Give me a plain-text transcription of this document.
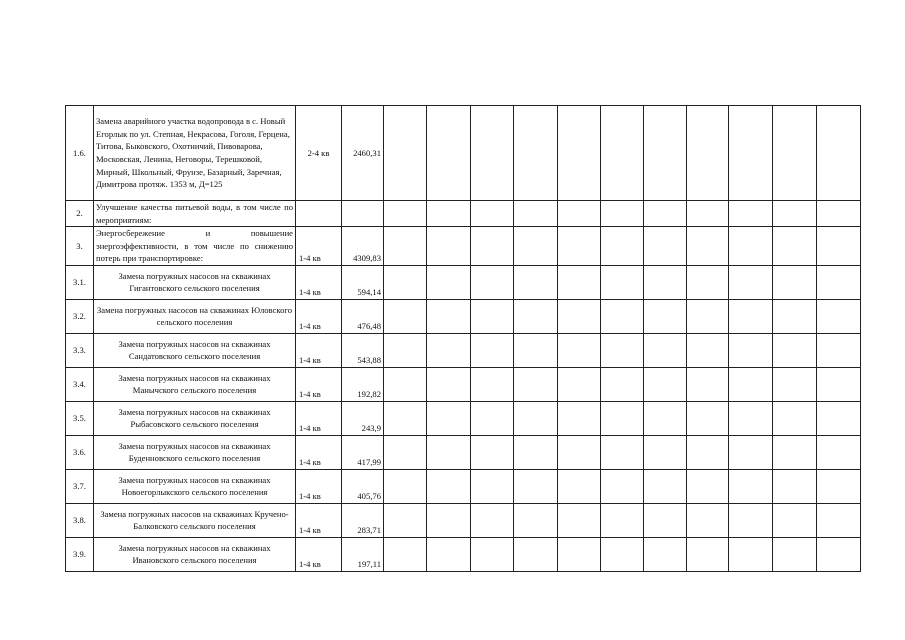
1.6.	Замена аварийного участка водопровода в с. Новый Егорлык по ул. Степная, Некрасова, Гоголя, Герцена, Титова, Быковского, Охотничий, Пивоварова, Московская, Ленина, Неговоры, Терешковой, Мирный, Школьный, Фрунзе, Базарный, Заречная, Димитрова протяж. 1353 м, Д=125	2-4 кв	2460,31											
2.	Улучшение качества питьевой воды, в том числе по мероприятиям:													
3.	Энергосбережение и повышение энергоэффективности, в том числе по снижению потерь при транспортировке:	1-4 кв	4309,83											
3.1.	Замена погружных насосов на скважинах Гигантовского сельского поселения	1-4 кв	594,14											
3.2.	Замена погружных насосов на скважинах Юловского сельского поселения	1-4 кв	476,48											
3.3.	Замена погружных насосов на скважинах Сандатовского сельского поселения	1-4 кв	543,88											
3.4.	Замена погружных насосов на скважинах Манычского сельского поселения	1-4 кв	192,82											
3.5.	Замена погружных насосов на скважинах Рыбасовского сельского поселения	1-4 кв	243,9											
3.6.	Замена погружных насосов на скважинах Буденновского сельского поселения	1-4 кв	417,99											
3.7.	Замена погружных насосов на скважинах Новоегорлыкского сельского поселения	1-4 кв	405,76											
3.8.	Замена погружных насосов на скважинах Кручено-Балковского сельского поселения	1-4 кв	283,71											
3.9.	Замена погружных насосов на скважинах Ивановского сельского поселения	1-4 кв	197,11											
